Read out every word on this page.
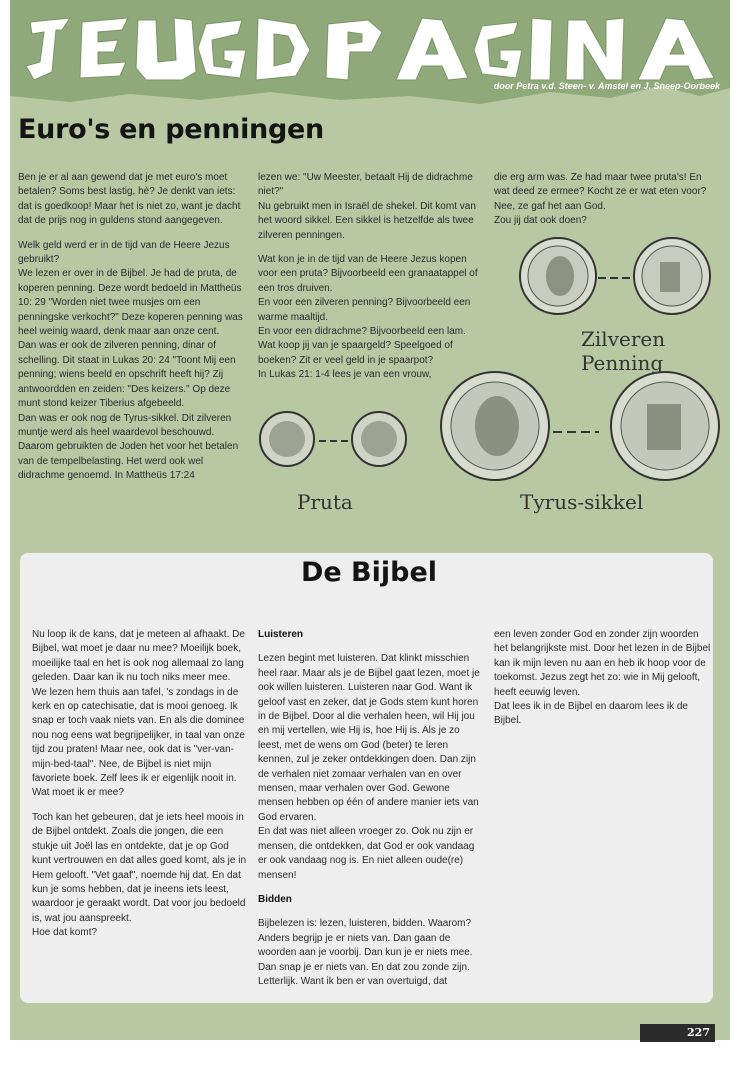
door Petra v.d. Steen- v. Amstel en J. Sneep-Oorbeek
Euro's en penningen

Ben je er al aan gewend dat je met euro's moet betalen? Soms best lastig, hè? Je denkt van iets: dat is goedkoop! Maar het is niet zo, want je dacht dat de prijs nog in guldens stond aangegeven.

Welk geld werd er in de tijd van de Heere Jezus gebruikt?
We lezen er over in de Bijbel. Je had de pruta, de koperen penning. Deze wordt bedoeld in Mattheüs 10: 29 "Worden niet twee musjes om een penningske verkocht?" Deze koperen penning was heel weinig waard, denk maar aan onze cent.
Dan was er ook de zilveren penning, dinar of schelling. Dit staat in Lukas 20: 24 "Toont Mij een penning; wiens beeld en opschrift heeft hij? Zij antwoordden en zeiden: "Des keizers." Op deze munt stond keizer Tiberius afgebeeld.
Dan was er ook nog de Tyrus-sikkel. Dit zilveren muntje werd als heel waardevol beschouwd. Daarom gebruikten de Joden het voor het betalen van de tempelbelasting. Het werd ook wel didrachme genoemd. In Mattheüs 17:24

lezen we: "Uw Meester, betaalt Hij de didrachme niet?"
Nu gebruikt men in Israël de shekel. Dit komt van het woord sikkel. Een sikkel is hetzelfde als twee zilveren penningen.

Wat kon je in de tijd van de Heere Jezus kopen voor een pruta? Bijvoorbeeld een granaatappel of een tros druiven.
En voor een zilveren penning? Bijvoorbeeld een warme maaltijd.
En voor een didrachme? Bijvoorbeeld een lam.
Wat koop jij van je spaargeld? Speelgoed of boeken? Zit er veel geld in je spaarpot?
In Lukas 21: 1-4 lees je van een vrouw,

die erg arm was. Ze had maar twee pruta's! En wat deed ze ermee? Kocht ze er wat eten voor? Nee, ze gaf het aan God.
Zou jij dat ook doen?

Zilveren Penning
Pruta	Tyrus-sikkel
De Bijbel

Nu loop ik de kans, dat je meteen al afhaakt. De Bijbel, wat moet je daar nu mee? Moeilijk boek, moeilijke taal en het is ook nog allemaal zo lang geleden. Daar kan ik nu toch niks meer mee. We lezen hem thuis aan tafel, 's zondags in de kerk en op catechisatie, dat is mooi genoeg. Ik snap er toch vaak niets van. En als die dominee nou nog eens wat begrijpelijker, in taal van onze tijd zou praten! Maar nee, ook dat is "ver-van-mijn-bed-taal". Nee, de Bijbel is niet mijn favoriete boek. Zelf lees ik er eigenlijk nooit in. Wat moet ik er mee?

Toch kan het gebeuren, dat je iets heel moois in de Bijbel ontdekt. Zoals die jongen, die een stukje uit Joël las en ontdekte, dat je op God kunt vertrouwen en dat alles goed komt, als je in Hem gelooft. "Vet gaaf", noemde hij dat. En dat kun je soms hebben, dat je ineens iets leest, waardoor je geraakt wordt. Dat voor jou bedoeld is, wat jou aanspreekt.
Hoe dat komt?

Luisteren

Lezen begint met luisteren. Dat klinkt misschien heel raar. Maar als je de Bijbel gaat lezen, moet je ook willen luisteren. Luisteren naar God. Want ik geloof vast en zeker, dat je Gods stem kunt horen in de Bijbel. Door al die verhalen heen, wil Hij jou en mij vertellen, wie Hij is, hoe Hij is. Als je zo leest, met de wens om God (beter) te leren kennen, zul je zeker ontdekkingen doen. Dan zijn de verhalen niet zomaar verhalen van en over mensen, maar verhalen over God. Gewone mensen hebben op één of andere manier iets van God ervaren.
En dat was niet alleen vroeger zo. Ook nu zijn er mensen, die ontdekken, dat God er ook vandaag er ook vandaag nog is. En niet alleen oude(re) mensen!

Bidden

Bijbelezen is: lezen, luisteren, bidden. Waarom? Anders begrijp je er niets van. Dan gaan de woorden aan je voorbij. Dan kun je er niets mee. Dan snap je er niets van. En dat zou zonde zijn. Letterlijk. Want ik ben er van overtuigd, dat

een leven zonder God en zonder zijn woorden het belangrijkste mist. Door het lezen in de Bijbel kan ik mijn leven nu aan en heb ik hoop voor de toekomst. Jezus zegt het zo: wie in Mij gelooft, heeft eeuwig leven.
Dat lees ik in de Bijbel en daarom lees ik de Bijbel.

227
